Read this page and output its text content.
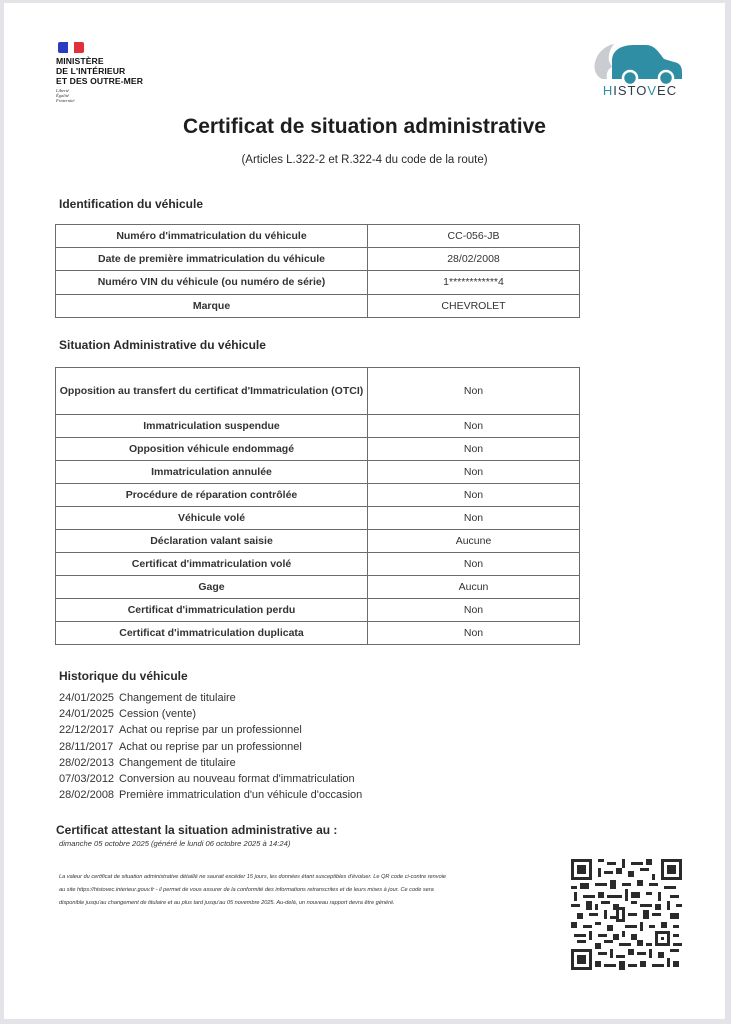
MINISTÈRE
DE L'INTÉRIEUR
ET DES OUTRE-MER
Liberté
Égalité
Fraternité
HISTOVEC
Certificat de situation administrative
(Articles L.322-2 et R.322-4 du code de la route)
Identification du véhicule
Numéro d'immatriculation du véhicule	CC-056-JB
Date de première immatriculation du véhicule	28/02/2008
Numéro VIN du véhicule (ou numéro de série)	1************4
Marque	CHEVROLET
Situation Administrative du véhicule
Opposition au transfert du certificat d'Immatriculation (OTCI)	Non
Immatriculation suspendue	Non
Opposition véhicule endommagé	Non
Immatriculation annulée	Non
Procédure de réparation contrôlée	Non
Véhicule volé	Non
Déclaration valant saisie	Aucune
Certificat d'immatriculation volé	Non
Gage	Aucun
Certificat d'immatriculation perdu	Non
Certificat d'immatriculation duplicata	Non
Historique du véhicule
24/01/2025 Changement de titulaire
24/01/2025 Cession (vente)
22/12/2017 Achat ou reprise par un professionnel
28/11/2017 Achat ou reprise par un professionnel
28/02/2013 Changement de titulaire
07/03/2012 Conversion au nouveau format d'immatriculation
28/02/2008 Première immatriculation d'un véhicule d'occasion
Certificat attestant la situation administrative au :
dimanche 05 octobre 2025 (généré le lundi 06 octobre 2025 à 14:24)
La valeur du certificat de situation administrative détaillé ne saurait excéder 15 jours, les données étant susceptibles d'évoluer. Le QR code ci-contre renvoie
au site https://histovec.interieur.gouv.fr - il permet de vous assurer de la conformité des informations retranscrites et de leurs mises à jour. Ce code sera
disponible jusqu'au changement de titulaire et au plus tard jusqu'au 05 novembre 2025. Au-delà, un nouveau rapport devra être généré.
